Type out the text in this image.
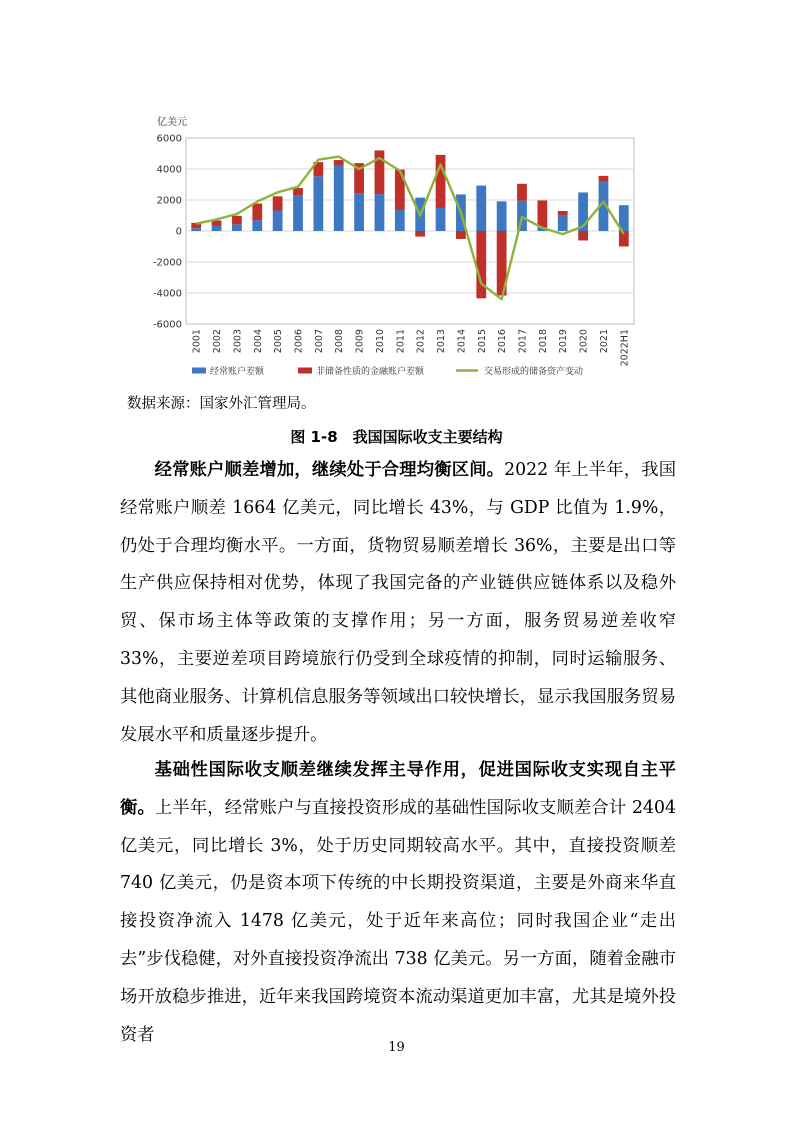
亿美元
6000
4000
2000
0
-2000
-4000
-6000
2001 2002 2003 2004 2005 2006 2007 2008 2009 2010 2011 2012 2013 2014 2015 2016 2017 2018 2019 2020 2021 2022H1
经常账户差额	非储备性质的金融账户差额	交易形成的储备资产变动
数据来源：国家外汇管理局。
图 1-8　我国国际收支主要结构

经常账户顺差增加，继续处于合理均衡区间。2022 年上半年，我国经常账户顺差 1664 亿美元，同比增长 43%，与 GDP 比值为 1.9%，仍处于合理均衡水平。一方面，货物贸易顺差增长 36%，主要是出口等生产供应保持相对优势，体现了我国完备的产业链供应链体系以及稳外贸、保市场主体等政策的支撑作用；另一方面，服务贸易逆差收窄 33%，主要逆差项目跨境旅行仍受到全球疫情的抑制，同时运输服务、其他商业服务、计算机信息服务等领域出口较快增长，显示我国服务贸易发展水平和质量逐步提升。

基础性国际收支顺差继续发挥主导作用，促进国际收支实现自主平衡。上半年，经常账户与直接投资形成的基础性国际收支顺差合计 2404 亿美元，同比增长 3%，处于历史同期较高水平。其中，直接投资顺差 740 亿美元，仍是资本项下传统的中长期投资渠道，主要是外商来华直接投资净流入 1478 亿美元，处于近年来高位；同时我国企业“走出去”步伐稳健，对外直接投资净流出 738 亿美元。另一方面，随着金融市场开放稳步推进，近年来我国跨境资本流动渠道更加丰富，尤其是境外投资者

19
